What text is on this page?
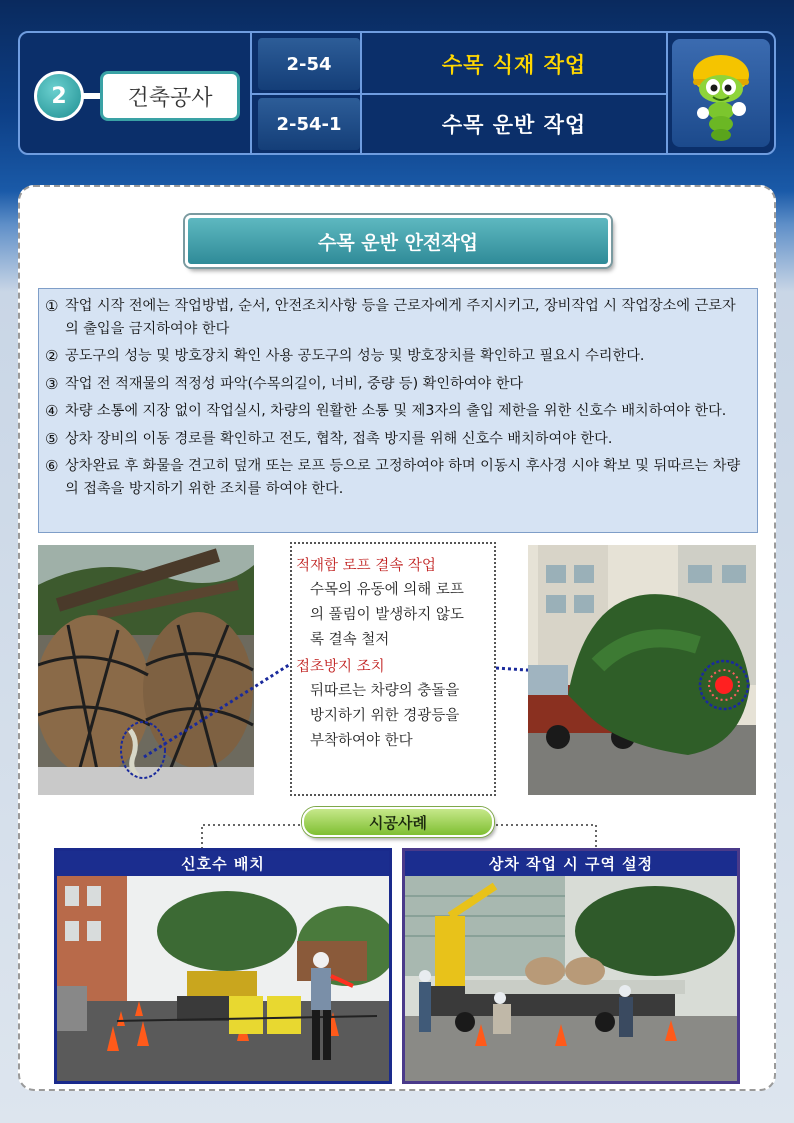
2	건축공사
2-54
2-54-1
수목 식재 작업
수목 운반 작업
수목 운반 안전작업
① 작업 시작 전에는 작업방법, 순서, 안전조치사항 등을 근로자에게 주지시키고, 장비작업 시 작업장소에 근로자의 출입을 금지하여야 한다
② 공도구의 성능 및 방호장치 확인 사용 공도구의 성능 및 방호장치를 확인하고 필요시 수리한다.
③ 작업 전 적재물의 적정성 파악(수목의길이, 너비, 중량 등) 확인하여야 한다
④ 차량 소통에 지장 없이 작업실시, 차량의 원활한 소통 및 제3자의 출입 제한을 위한 신호수 배치하여야 한다.
⑤ 상차 장비의 이동 경로를 확인하고 전도, 협착, 접촉 방지를 위해 신호수 배치하여야 한다.
⑥ 상차완료 후 화물을 견고히 덮개 또는 로프 등으로 고정하여야 하며 이동시 후사경 시야 확보 및 뒤따르는 차량의 접촉을 방지하기 위한 조치를 하여야 한다.
적재함 로프 결속 작업
수목의 유동에 의해 로프
의 풀림이 발생하지 않도
록 결속 철저
접초방지 조치
뒤따르는 차량의 충돌을
방지하기 위한 경광등을
부착하여야 한다
시공사례
신호수 배치	상차 작업 시 구역 설정
